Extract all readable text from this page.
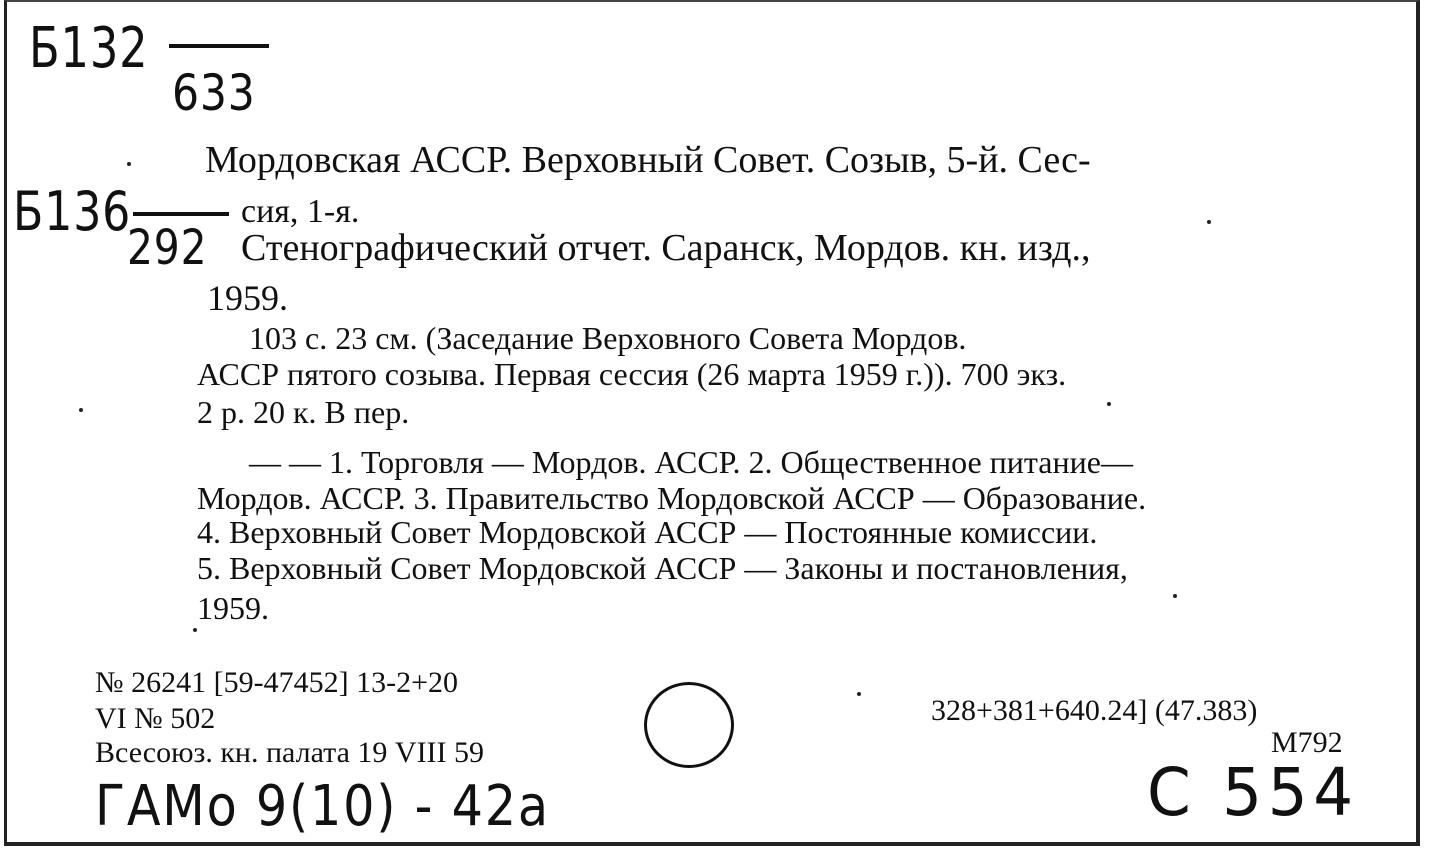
Б132
633
Б136
292
Мордовская АССР. Верховный Совет. Созыв, 5-й. Сес-
сия, 1-я.
Стенографический отчет. Саранск, Мордов. кн. изд.,
1959.
103 с. 23 см. (Заседание Верховного Совета Мордов.
АССР пятого созыва. Первая сессия (26 марта 1959 г.)). 700 экз.
2 р. 20 к. В пер.
— — 1. Торговля — Мордов. АССР. 2. Общественное питание—
Мордов. АССР. 3. Правительство Мордовской АССР — Образование.
4. Верховный Совет Мордовской АССР — Постоянные комиссии.
5. Верховный Совет Мордовской АССР — Законы и постановления,
1959.
№ 26241 [59-47452] 13-2+20
VI № 502
Всесоюз. кн. палата 19 VIII 59
328+381+640.24] (47.383)
М792
ГАМо 9(10) - 42а	С 554
